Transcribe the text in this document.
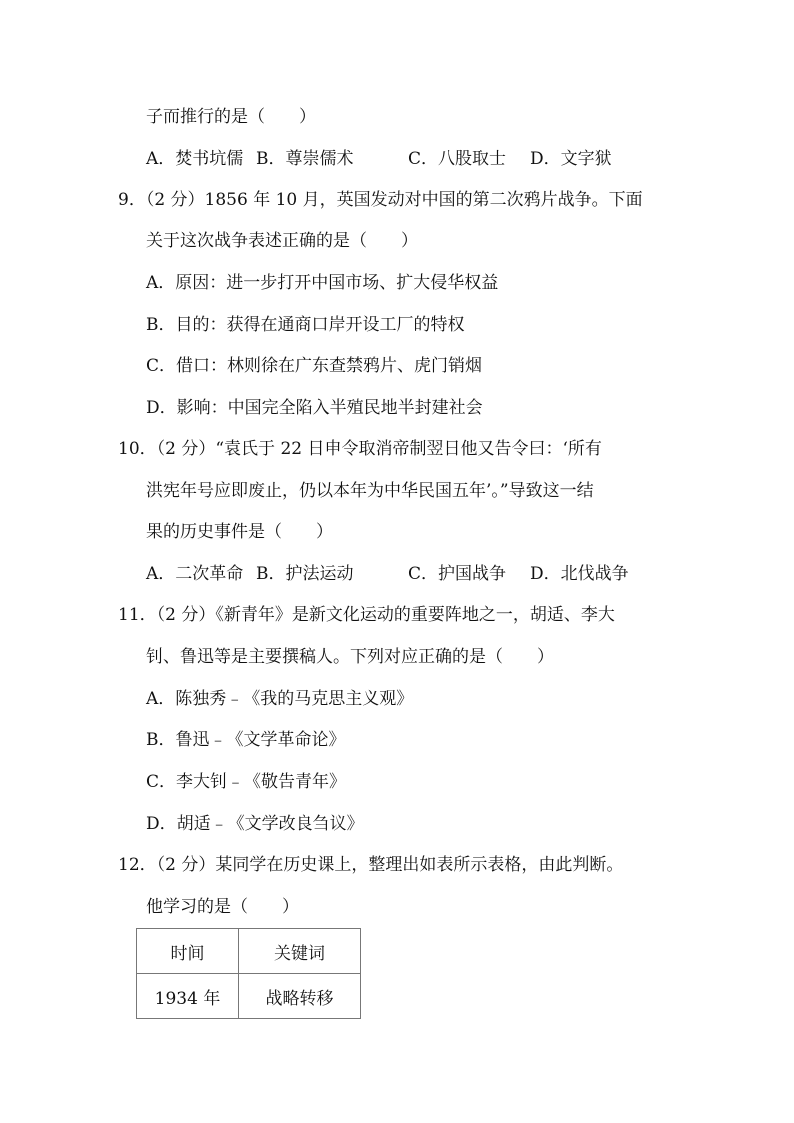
子而推行的是（　　）
A．焚书坑儒 B．尊崇儒术	C．八股取士 D．文字狱
9．（2 分）1856 年 10 月，英国发动对中国的第二次鸦片战争。下面
关于这次战争表述正确的是（　　）
A．原因：进一步打开中国市场、扩大侵华权益
B．目的：获得在通商口岸开设工厂的特权
C．借口：林则徐在广东查禁鸦片、虎门销烟
D．影响：中国完全陷入半殖民地半封建社会
10．（2 分）“袁氏于 22 日申令取消帝制翌日他又告令曰：‘所有
洪宪年号应即废止，仍以本年为中华民国五年’。”导致这一结
果的历史事件是（　　）
A．二次革命 B．护法运动	C．护国战争 D．北伐战争
11．（2 分）《新青年》是新文化运动的重要阵地之一，胡适、李大
钊、鲁迅等是主要撰稿人。下列对应正确的是（　　）
A．陈独秀﹣《我的马克思主义观》
B．鲁迅﹣《文学革命论》
C．李大钊﹣《敬告青年》
D．胡适﹣《文学改良刍议》
12．（2 分）某同学在历史课上，整理出如表所示表格，由此判断。
他学习的是（　　）
时间	关键词
1934 年	战略转移
